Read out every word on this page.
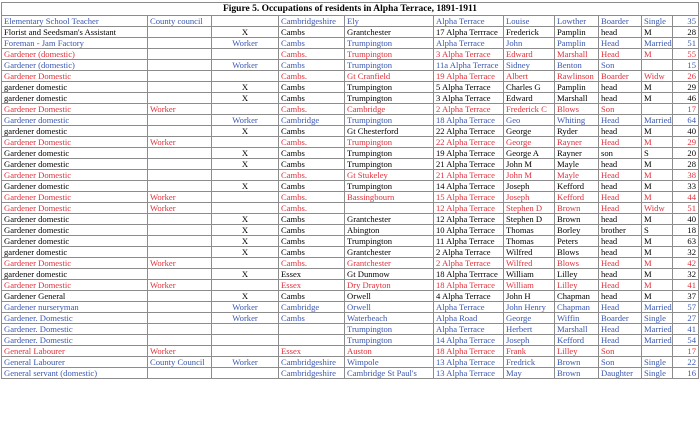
Figure 5. Occupations of residents in Alpha Terrace, 1891-1911
Elementary School Teacher	County council		Cambridgeshire	Ely	Alpha Terrace	Louise	Lowther	Boarder	Single	35
Florist and Seedsman's Assistant		X	Cambs	Grantchester	17 Alpha Terrrace	Frederick	Pamplin	head	M	28
Foreman - Jam Factory		Worker	Cambs	Trumpington	Alpha Terrace	John	Pamplin	Head	Married	51
Gardener (domestic)			Cambs.	Trumpington	3 Alpha Terrace	Edward	Marshall	Head	M	55
Gardener (domestic)		Worker	Cambs	Trumpington	11a Alpha Terrace	Sidney	Benton	Son		15
Gardener Domestic			Cambs.	Gt Cranfield	19 Alpha Terrace	Albert	Rawlinson	Boarder	Widw	26
gardener domestic		X	Cambs	Trumpington	5 Alpha Terrace	Charles G	Pamplin	head	M	29
gardener domestic		X	Cambs	Trumpington	3 Alpha Terrace	Edward	Marshall	head	M	46
Gardener Domestic	Worker		Cambs.	Cambridge	2 Alpha Terrace	Frederick C	Blows	Son		17
Gardener domestic		Worker	Cambridge	Trumpington	18 Alpha Terrace	Geo	Whiting	Head	Married	64
gardener domestic		X	Cambs	Gt Chesterford	22 Alpha Terrace	George	Ryder	head	M	40
Gardener Domestic	Worker		Cambs.	Trumpington	22 Alpha Terrace	George	Rayner	Head	M	29
Gardener domestic		X	Cambs	Trumpington	19 Alpha Terrace	George A	Rayner	son	S	20
Gardener domestic		X	Cambs	Trumpington	21 Alpha Terrace	John M	Mayle	head	M	28
Gardener Domestic			Cambs.	Gt Stukeley	21 Alpha Terrace	John M	Mayle	Head	M	38
Gardener domestic		X	Cambs	Trumpington	14 Alpha Terrace	Joseph	Kefford	head	M	33
Gardener Domestic	Worker		Cambs.	Bassingbourn	15 Alpha Terrace	Joseph	Kefford	Head	M	44
Gardener Domestic	Worker		Cambs.		12 Alpha Terrace	Stephen D	Brown	Head	Widw	51
Gardener domestic		X	Cambs	Grantchester	12 Alpha Terrace	Stephen D	Brown	head	M	40
Gardener domestic		X	Cambs	Abington	10 Alpha Terrace	Thomas	Borley	brother	S	18
Gardener domestic		X	Cambs	Trumpington	11 Alpha Terrace	Thomas	Peters	head	M	63
gardener domestic		X	Cambs	Grantchester	2 Alpha Terrace	Wilfred	Blows	head	M	32
Gardener Domestic	Worker		Cambs.	Grantchester	2 Alpha Terrace	Wilfred	Blows	Head	M	42
gardener domestic		X	Essex	Gt Dunmow	18 Alpha Terrrace	William	Lilley	head	M	32
Gardener Domestic	Worker		Essex	Dry Drayton	18 Alpha Terrace	William	Lilley	Head	M	41
Gardener General		X	Cambs	Orwell	4 Alpha Terrace	John H	Chapman	head	M	37
Gardener nurseryman		Worker	Cambridge	Orwell	Alpha Terrace	John Henry	Chapman	Head	Married	57
Gardener. Domestic		Worker	Cambs	Waterbeach	Alpha Road	George	Wiffin	Boarder	Single	27
Gardener. Domestic				Trumpington	Alpha Terrace	Herbert	Marshall	Head	Married	41
Gardener. Domestic				Trumpington	14 Alpha Terrace	Joseph	Kefford	Head	Married	54
General Labourer	Worker		Essex	Auston	18 Alpha Terrace	Frank	Lilley	Son		17
General Labourer	County Council	Worker	Cambridgeshire	Wimpole	13 Alpha Terrace	Fredrick	Brown	Son	Single	22
General servant (domestic)			Cambridgeshire	Cambridge St Paul's	13 Alpha Terrace	May	Brown	Daughter	Single	16
